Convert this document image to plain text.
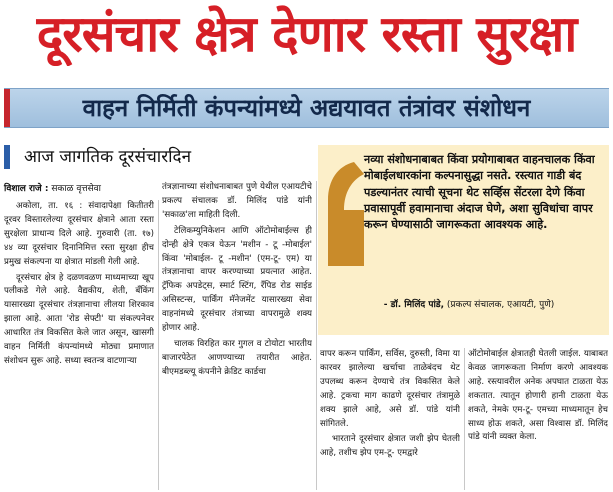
दूरसंचार क्षेत्र देणार रस्ता सुरक्षा
वाहन निर्मिती कंपन्यांमध्ये अद्ययावत तंत्रांवर संशोधन
आज जागतिक दूरसंचारदिन
विशाल राजे : सकाळ वृत्तसेवा

अकोला, ता. १६ : संवादापेक्षा कितीतरी दूरवर विस्तारलेल्या दूरसंचार क्षेत्राने आता रस्ता सुरक्षेला प्राधान्य दिले आहे. गुरुवारी (ता. १७) ४४ व्या दूरसंचार दिनानिमित्त रस्ता सुरक्षा हीच प्रमुख संकल्पना या क्षेत्रात मांडली गेली आहे.

दूरसंचार क्षेत्र हे दळणवळण माध्यमाच्या खूप पलीकडे गेले आहे. वैद्यकीय, शेती, बँकिंग यासारख्या दूरसंचार तंत्रज्ञानाचा लीलया शिरकाव झाला आहे. आता 'रोड सेफ्टी' या संकल्पनेवर आधारित तंत्र विकसित केले जात असून, खासगी वाहन निर्मिती कंपन्यांमध्ये मोठ्या प्रमाणात संशोधन सुरू आहे. सध्या स्वतन्त्र वाटणाऱ्या

तंत्रज्ञानाच्या संशोधनाबाबत पुणे येथील एआयटीचे प्रकल्प संचालक डॉ. मिलिंद पांडे यांनी 'सकाळ'ला माहिती दिली.

टेलिकम्युनिकेशन आणि ऑटोमोबाईल्स ही दोन्ही क्षेत्रे एकत्र येऊन 'मशीन - टू -मोबाईल' किंवा 'मोबाईल- टू -मशीन' (एम-टू- एम) या तंत्रज्ञानाचा वापर करण्याच्या प्रयत्नात आहेत. ट्रॅफिक अपडेट्स, स्मार्ट स्टिंग, रँपिड रोड साईड असिस्टन्स, पार्किंग मॅनेजमेंट यासारख्या सेवा वाहनांमध्ये दूरसंचार तंत्राच्या वापरामुळे शक्य होणार आहे.

चालक विरहित कार गुगल व टोयोटा भारतीय बाजारपेठेत आणण्याच्या तयारीत आहेत. बीएमडब्ल्यू कंपनीने क्रेडिट कार्डचा

नव्या संशोधनाबाबत किंवा प्रयोगाबाबत वाहनचालक किंवा मोबाईलधारकांना कल्पनासुद्धा नसते. रस्त्यात गाडी बंद पडल्यानंतर त्याची सूचना थेट सर्व्हिस सेंटरला देणे किंवा प्रवासापूर्वी हवामानाचा अंदाज घेणे, अशा सुविधांचा वापर करून घेण्यासाठी जागरूकता आवश्यक आहे.
- डॉ. मिलिंद पांडे, (प्रकल्प संचालक, एआयटी, पुणे)

वापर करून पार्किंग, सर्विस, दुरुस्ती, विमा या कारवर झालेल्या खर्चाचा ताळेबंदच थेट उपलब्ध करून देण्याचे तंत्र विकसित केले आहे. ट्रकचा माग काढणे दूरसंचार तंत्रामुळे शक्य झाले आहे, असे डॉ. पांडे यांनी सांगितले.

भारताने दूरसंचार क्षेत्रात जशी झेप घेतली आहे, तशीच झेप एम-टू- एमद्वारे

ऑटोमोबाईल क्षेत्रातही घेतली जाईल. याबाबत केवळ जागरूकता निर्माण करणे आवश्यक आहे. रस्त्यावरील अनेक अपघात टाळता येऊ शकतात. त्यातून होणारी हानी टाळता येऊ शकते, नेमके एम-टू- एमच्या माध्यमातून हेच साध्य होऊ शकते, असा विश्वास डॉ. मिलिंद पांडे यांनी व्यक्त केला.
